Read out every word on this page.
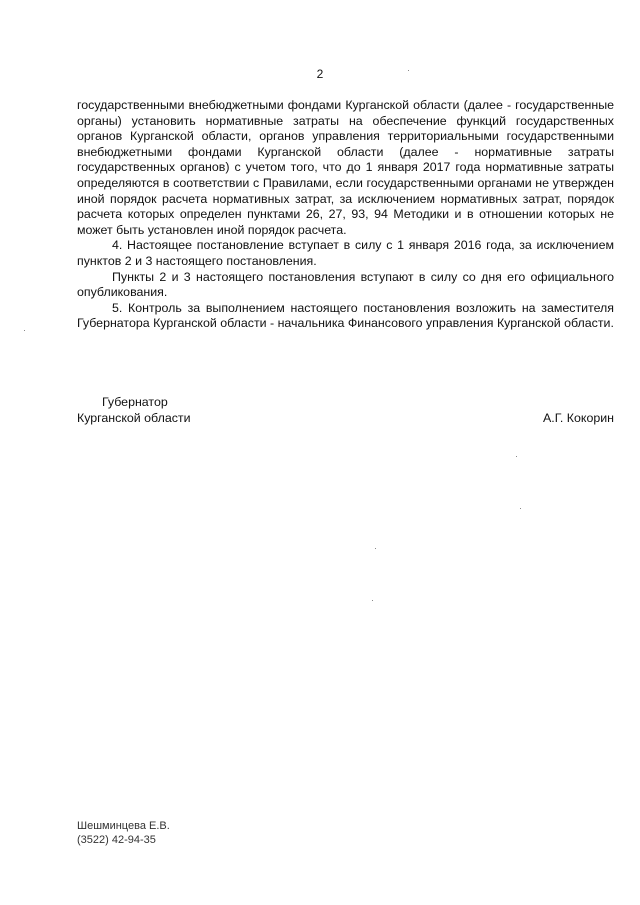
2

государственными внебюджетными фондами Курганской области (далее - государственные органы) установить нормативные затраты на обеспечение функций государственных органов Курганской области, органов управления территориальными государственными внебюджетными фондами Курганской области (далее - нормативные затраты государственных органов) с учетом того, что до 1 января 2017 года нормативные затраты определяются в соответствии с Правилами, если государственными органами не утвержден иной порядок расчета нормативных затрат, за исключением нормативных затрат, порядок расчета которых определен пунктами 26, 27, 93, 94 Методики и в отношении которых не может быть установлен иной порядок расчета.

4. Настоящее постановление вступает в силу с 1 января 2016 года, за исключением пунктов 2 и 3 настоящего постановления.

Пункты 2 и 3 настоящего постановления вступают в силу со дня его официального опубликования.

5. Контроль за выполнением настоящего постановления возложить на заместителя Губернатора Курганской области - начальника Финансового управления Курганской области.

Губернатор
Курганской области	А.Г. Кокорин
Шешминцева Е.В.
(3522) 42-94-35
